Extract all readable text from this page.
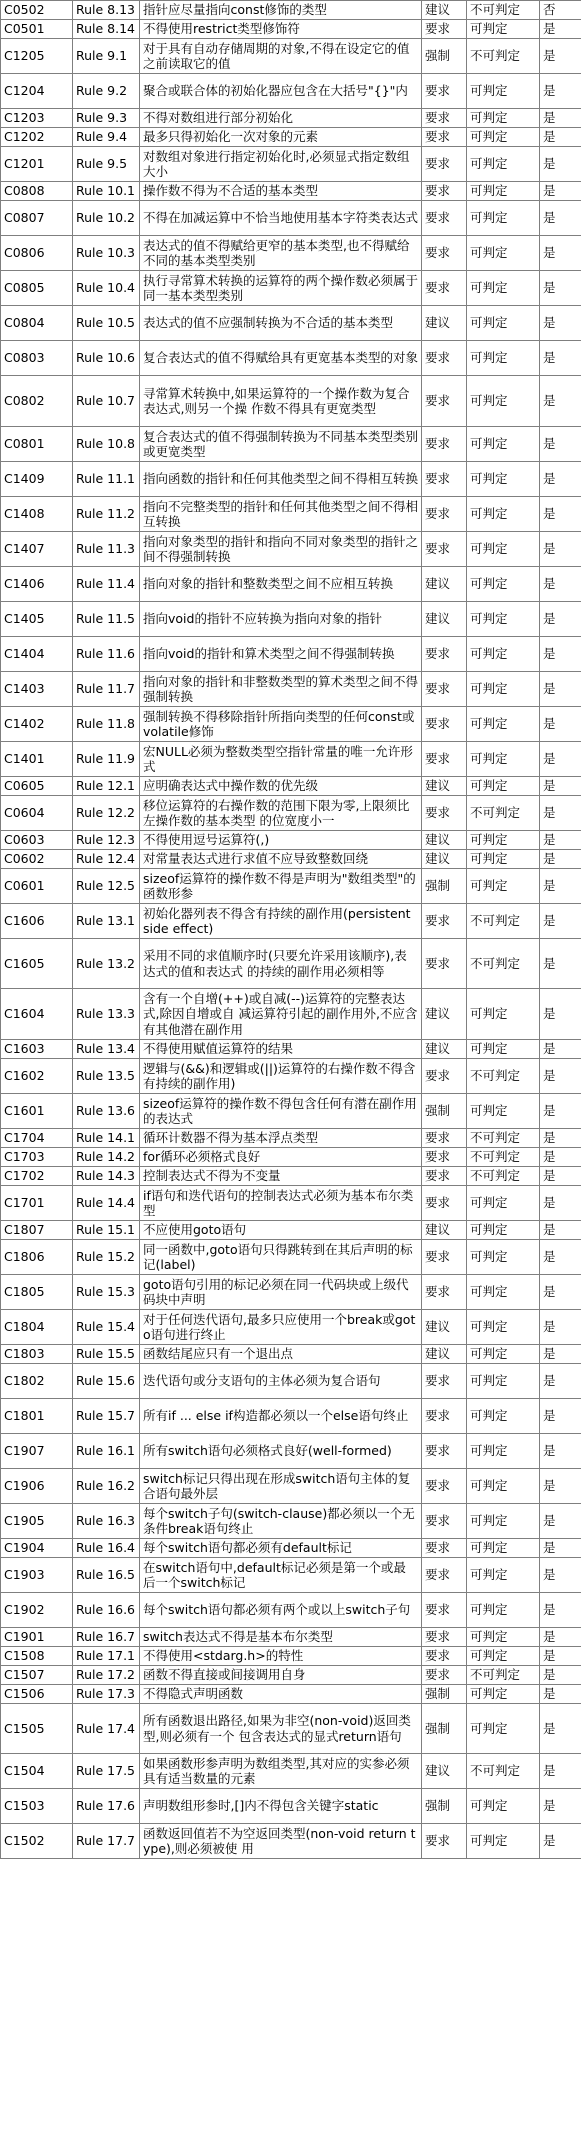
C0502	Rule 8.13	指针应尽量指向const修饰的类型	建议	不可判定	否
C0501	Rule 8.14	不得使用restrict类型修饰符	要求	可判定	是
C1205	Rule 9.1	对于具有自动存储周期的对象,不得在设定它的值之前读取它的值	强制	不可判定	是
C1204	Rule 9.2	聚合或联合体的初始化器应包含在大括号"{}"内	要求	可判定	是
C1203	Rule 9.3	不得对数组进行部分初始化	要求	可判定	是
C1202	Rule 9.4	最多只得初始化一次对象的元素	要求	可判定	是
C1201	Rule 9.5	对数组对象进行指定初始化时,必须显式指定数组大小	要求	可判定	是
C0808	Rule 10.1	操作数不得为不合适的基本类型	要求	可判定	是
C0807	Rule 10.2	不得在加减运算中不恰当地使用基本字符类表达式	要求	可判定	是
C0806	Rule 10.3	表达式的值不得赋给更窄的基本类型,也不得赋给不同的基本类型类别	要求	可判定	是
C0805	Rule 10.4	执行寻常算术转换的运算符的两个操作数必须属于同一基本类型类别	要求	可判定	是
C0804	Rule 10.5	表达式的值不应强制转换为不合适的基本类型	建议	可判定	是
C0803	Rule 10.6	复合表达式的值不得赋给具有更宽基本类型的对象	要求	可判定	是
C0802	Rule 10.7	寻常算术转换中,如果运算符的一个操作数为复合表达式,则另一个操 作数不得具有更宽类型	要求	可判定	是
C0801	Rule 10.8	复合表达式的值不得强制转换为不同基本类型类别或更宽类型	要求	可判定	是
C1409	Rule 11.1	指向函数的指针和任何其他类型之间不得相互转换	要求	可判定	是
C1408	Rule 11.2	指向不完整类型的指针和任何其他类型之间不得相互转换	要求	可判定	是
C1407	Rule 11.3	指向对象类型的指针和指向不同对象类型的指针之间不得强制转换	要求	可判定	是
C1406	Rule 11.4	指向对象的指针和整数类型之间不应相互转换	建议	可判定	是
C1405	Rule 11.5	指向void的指针不应转换为指向对象的指针	建议	可判定	是
C1404	Rule 11.6	指向void的指针和算术类型之间不得强制转换	要求	可判定	是
C1403	Rule 11.7	指向对象的指针和非整数类型的算术类型之间不得强制转换	要求	可判定	是
C1402	Rule 11.8	强制转换不得移除指针所指向类型的任何const或volatile修饰	要求	可判定	是
C1401	Rule 11.9	宏NULL必须为整数类型空指针常量的唯一允许形式	要求	可判定	是
C0605	Rule 12.1	应明确表达式中操作数的优先级	建议	可判定	是
C0604	Rule 12.2	移位运算符的右操作数的范围下限为零,上限须比左操作数的基本类型 的位宽度小一	要求	不可判定	是
C0603	Rule 12.3	不得使用逗号运算符(,)	建议	可判定	是
C0602	Rule 12.4	对常量表达式进行求值不应导致整数回绕	建议	可判定	是
C0601	Rule 12.5	sizeof运算符的操作数不得是声明为"数组类型"的函数形参	强制	可判定	是
C1606	Rule 13.1	初始化器列表不得含有持续的副作用(persistent side effect)	要求	不可判定	是
C1605	Rule 13.2	采用不同的求值顺序时(只要允许采用该顺序),表达式的值和表达式 的持续的副作用必须相等	要求	不可判定	是
C1604	Rule 13.3	含有一个自增(++)或自减(--)运算符的完整表达式,除因自增或自 减运算符引起的副作用外,不应含有其他潜在副作用	建议	可判定	是
C1603	Rule 13.4	不得使用赋值运算符的结果	建议	可判定	是
C1602	Rule 13.5	逻辑与(&&)和逻辑或(||)运算符的右操作数不得含有持续的副作用)	要求	不可判定	是
C1601	Rule 13.6	sizeof运算符的操作数不得包含任何有潜在副作用的表达式	强制	可判定	是
C1704	Rule 14.1	循环计数器不得为基本浮点类型	要求	不可判定	是
C1703	Rule 14.2	for循环必须格式良好	要求	不可判定	是
C1702	Rule 14.3	控制表达式不得为不变量	要求	不可判定	是
C1701	Rule 14.4	if语句和迭代语句的控制表达式必须为基本布尔类型	要求	可判定	是
C1807	Rule 15.1	不应使用goto语句	建议	可判定	是
C1806	Rule 15.2	同一函数中,goto语句只得跳转到在其后声明的标记(label)	要求	可判定	是
C1805	Rule 15.3	goto语句引用的标记必须在同一代码块或上级代码块中声明	要求	可判定	是
C1804	Rule 15.4	对于任何迭代语句,最多只应使用一个break或goto语句进行终止	建议	可判定	是
C1803	Rule 15.5	函数结尾应只有一个退出点	建议	可判定	是
C1802	Rule 15.6	迭代语句或分支语句的主体必须为复合语句	要求	可判定	是
C1801	Rule 15.7	所有if ... else if构造都必须以一个else语句终止	要求	可判定	是
C1907	Rule 16.1	所有switch语句必须格式良好(well-formed)	要求	可判定	是
C1906	Rule 16.2	switch标记只得出现在形成switch语句主体的复合语句最外层	要求	可判定	是
C1905	Rule 16.3	每个switch子句(switch-clause)都必须以一个无条件break语句终止	要求	可判定	是
C1904	Rule 16.4	每个switch语句都必须有default标记	要求	可判定	是
C1903	Rule 16.5	在switch语句中,default标记必须是第一个或最后一个switch标记	要求	可判定	是
C1902	Rule 16.6	每个switch语句都必须有两个或以上switch子句	要求	可判定	是
C1901	Rule 16.7	switch表达式不得是基本布尔类型	要求	可判定	是
C1508	Rule 17.1	不得使用<stdarg.h>的特性	要求	可判定	是
C1507	Rule 17.2	函数不得直接或间接调用自身	要求	不可判定	是
C1506	Rule 17.3	不得隐式声明函数	强制	可判定	是
C1505	Rule 17.4	所有函数退出路径,如果为非空(non-void)返回类型,则必须有一个 包含表达式的显式return语句	强制	可判定	是
C1504	Rule 17.5	如果函数形参声明为数组类型,其对应的实参必须具有适当数量的元素	建议	不可判定	是
C1503	Rule 17.6	声明数组形参时,[]内不得包含关键字static	强制	可判定	是
C1502	Rule 17.7	函数返回值若不为空返回类型(non-void return type),则必须被使 用	要求	可判定	是
